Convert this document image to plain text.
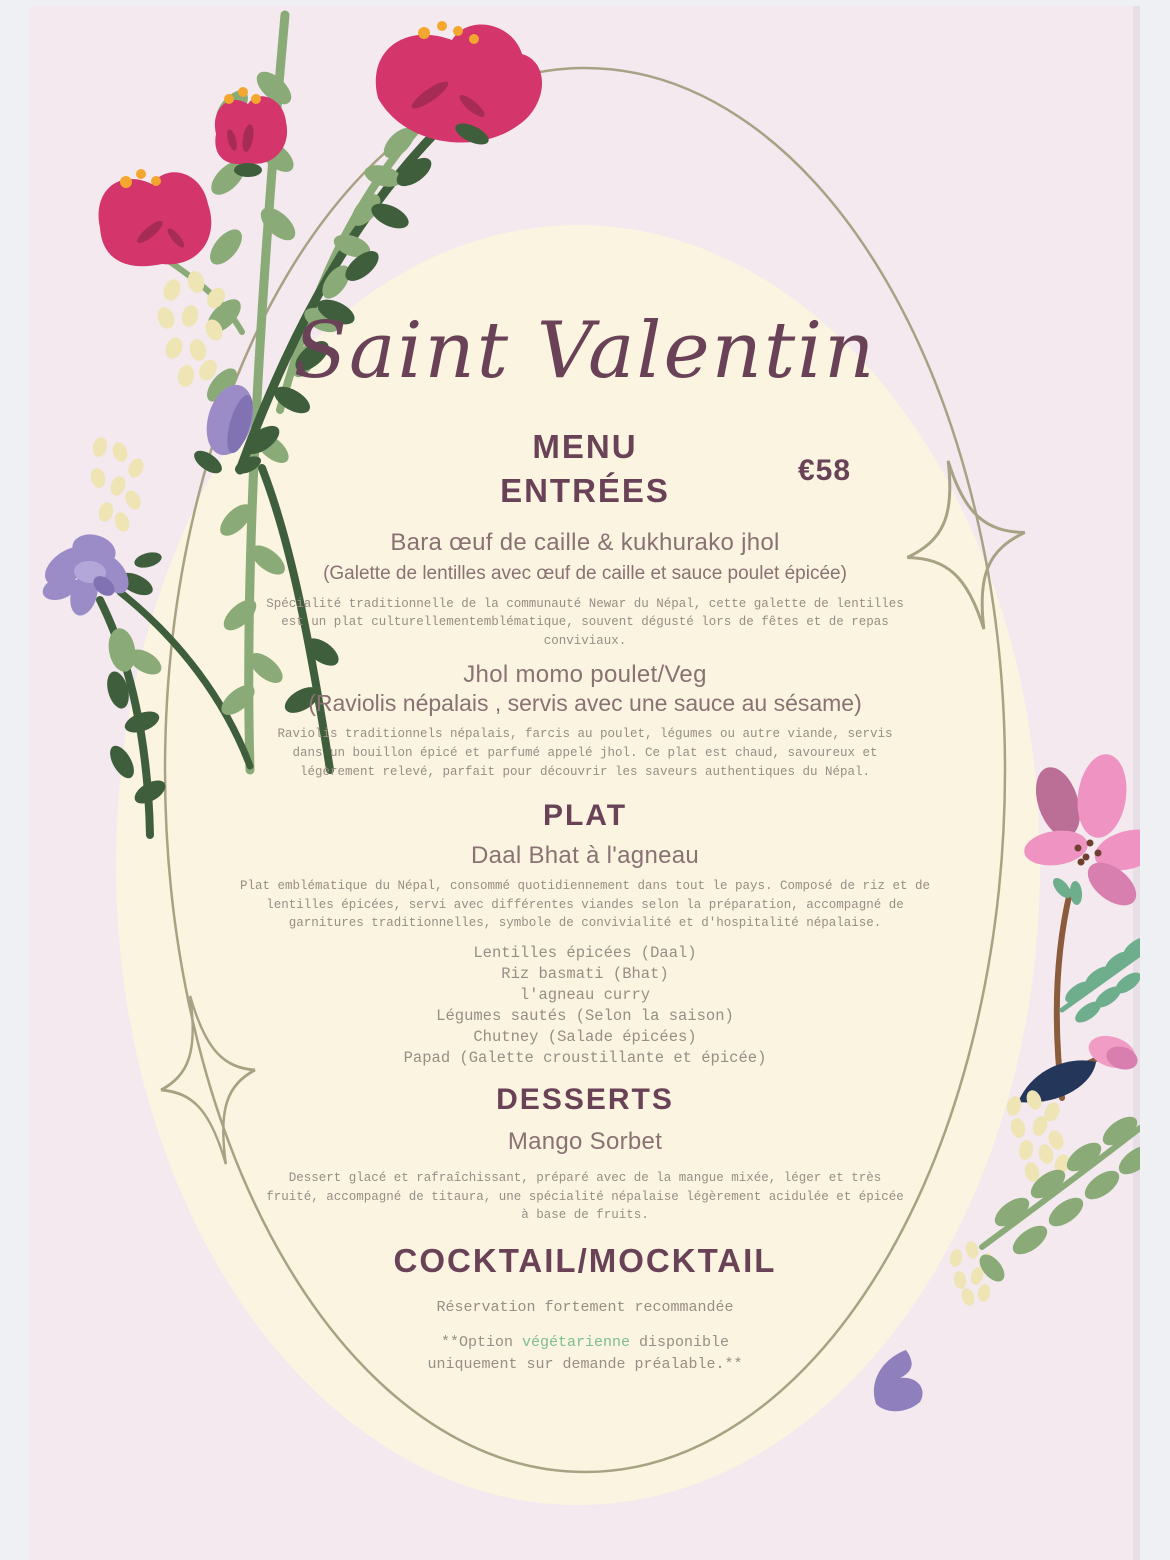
Saint Valentin
MENU
ENTRÉES
€58
Bara œuf de caille & kukhurako jhol
(Galette de lentilles avec œuf de caille et sauce poulet épicée)
Spécialité traditionnelle de la communauté Newar du Népal, cette galette de lentilles est un plat culturellementemblématique, souvent dégusté lors de fêtes et de repas conviviaux.
Jhol momo poulet/Veg
(Raviolis népalais , servis avec une sauce au sésame)
Raviolis traditionnels népalais, farcis au poulet, légumes ou autre viande, servis dans un bouillon épicé et parfumé appelé jhol. Ce plat est chaud, savoureux et légèrement relevé, parfait pour découvrir les saveurs authentiques du Népal.
PLAT
Daal Bhat à l'agneau
Plat emblématique du Népal, consommé quotidiennement dans tout le pays. Composé de riz et de lentilles épicées, servi avec différentes viandes selon la préparation, accompagné de garnitures traditionnelles, symbole de convivialité et d'hospitalité népalaise.
Lentilles épicées (Daal)
Riz basmati (Bhat)
l'agneau curry
Légumes sautés (Selon la saison)
Chutney (Salade épicées)
Papad (Galette croustillante et épicée)
DESSERTS
Mango Sorbet
Dessert glacé et rafraîchissant, préparé avec de la mangue mixée, léger et très fruité, accompagné de titaura, une spécialité népalaise légèrement acidulée et épicée à base de fruits.
COCKTAIL/MOCKTAIL
Réservation fortement recommandée
**Option végétarienne disponible
uniquement sur demande préalable.**
